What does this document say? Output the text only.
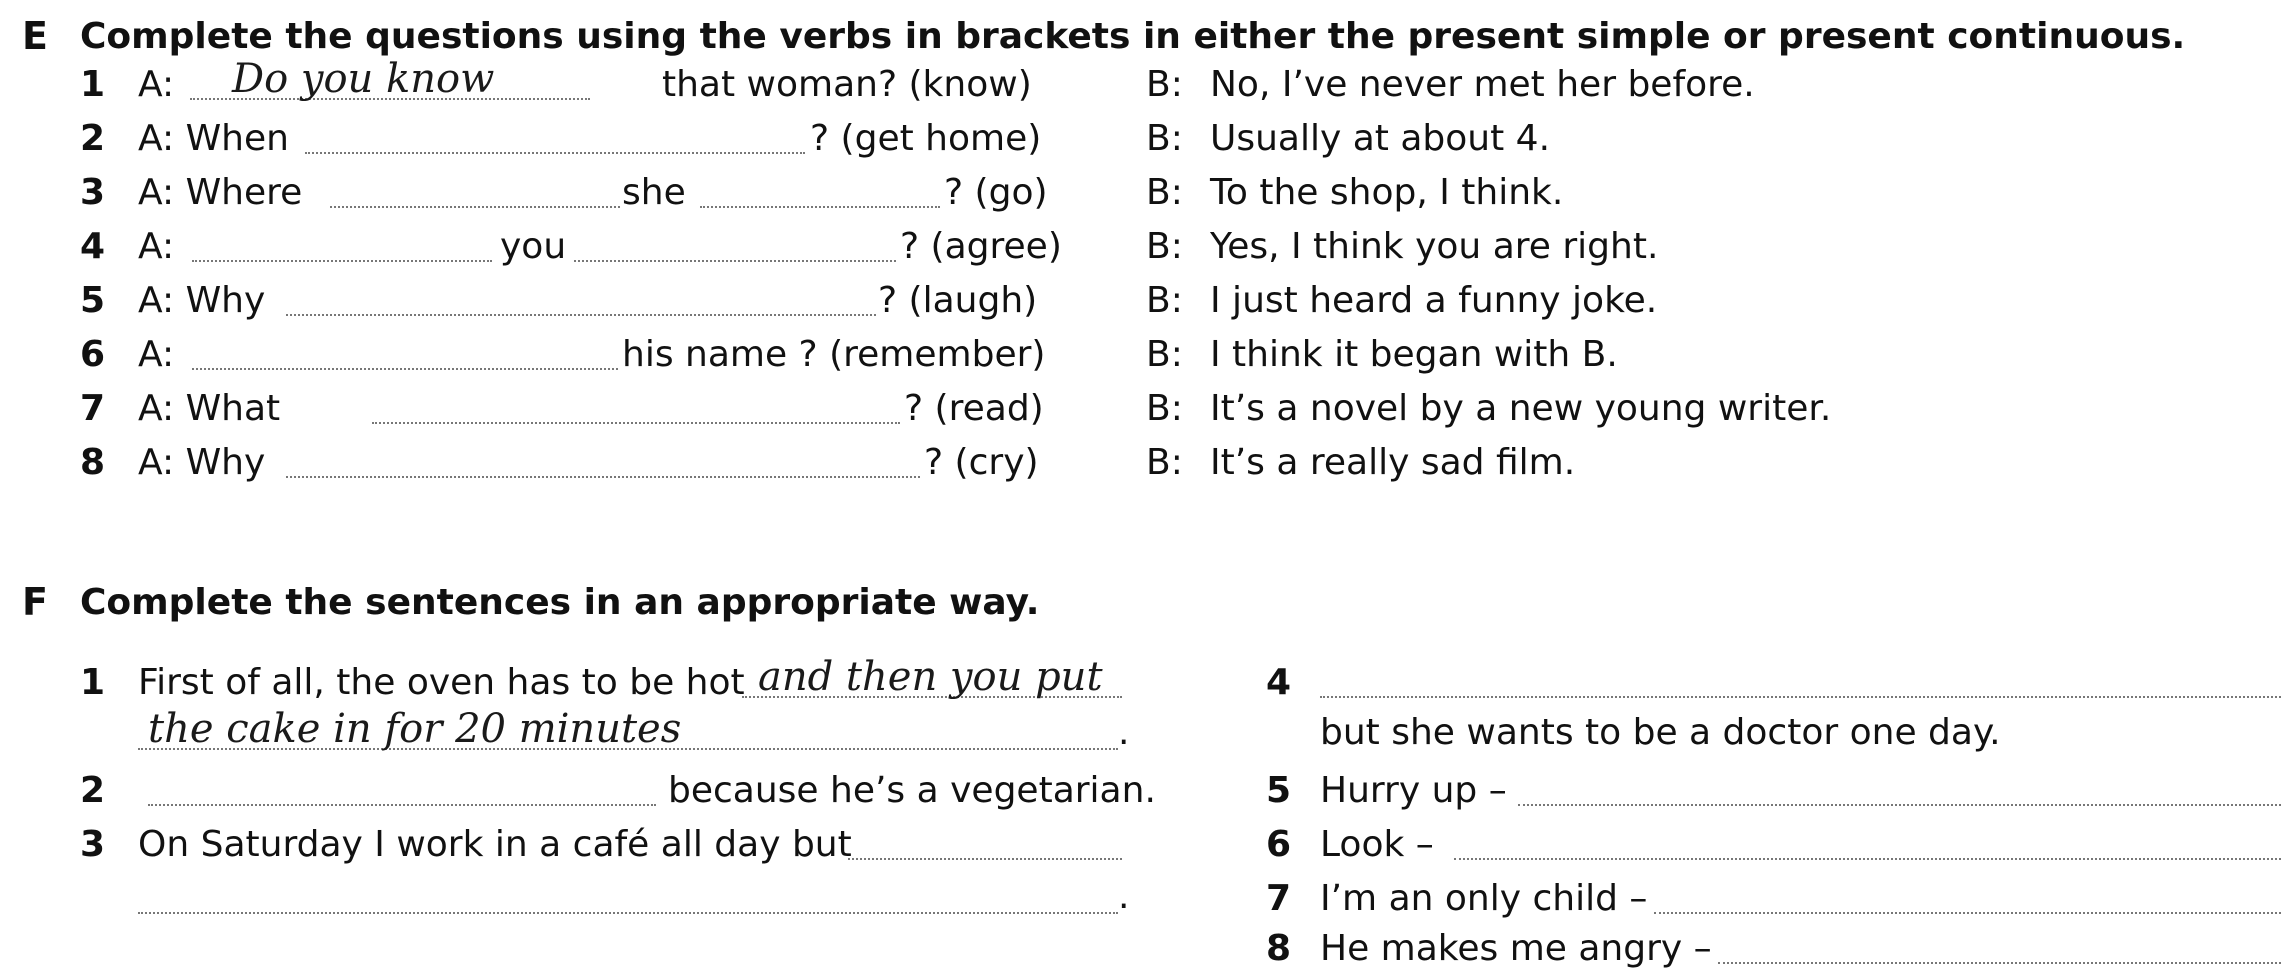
E Complete the questions using the verbs in brackets in either the present simple or present continuous.
1 A: Do you know	that woman? (know)	B: No, I’ve never met her before.
2 A: When	? (get home)	B: Usually at about 4.
3 A: Where	she	? (go)	B: To the shop, I think.
4 A:	you	? (agree) B: Yes, I think you are right.
5 A: Why	? (laugh)	B: I just heard a funny joke.
6 A:	his name ? (remember)	B: I think it began with B.
7 A: What	? (read)	B: It’s a novel by a new young writer.
8 A: Why	? (cry)	B: It’s a really sad film.
F Complete the sentences in an appropriate way.
1 First of all, the oven has to be hot and then you put
the cake in for 20 minutes	.
2	because he’s a vegetarian.
3 On Saturday I work in a café all day but
.
4
but she wants to be a doctor one day.
5 Hurry up –
6 Look –
7 I’m an only child –
8 He makes me angry –
